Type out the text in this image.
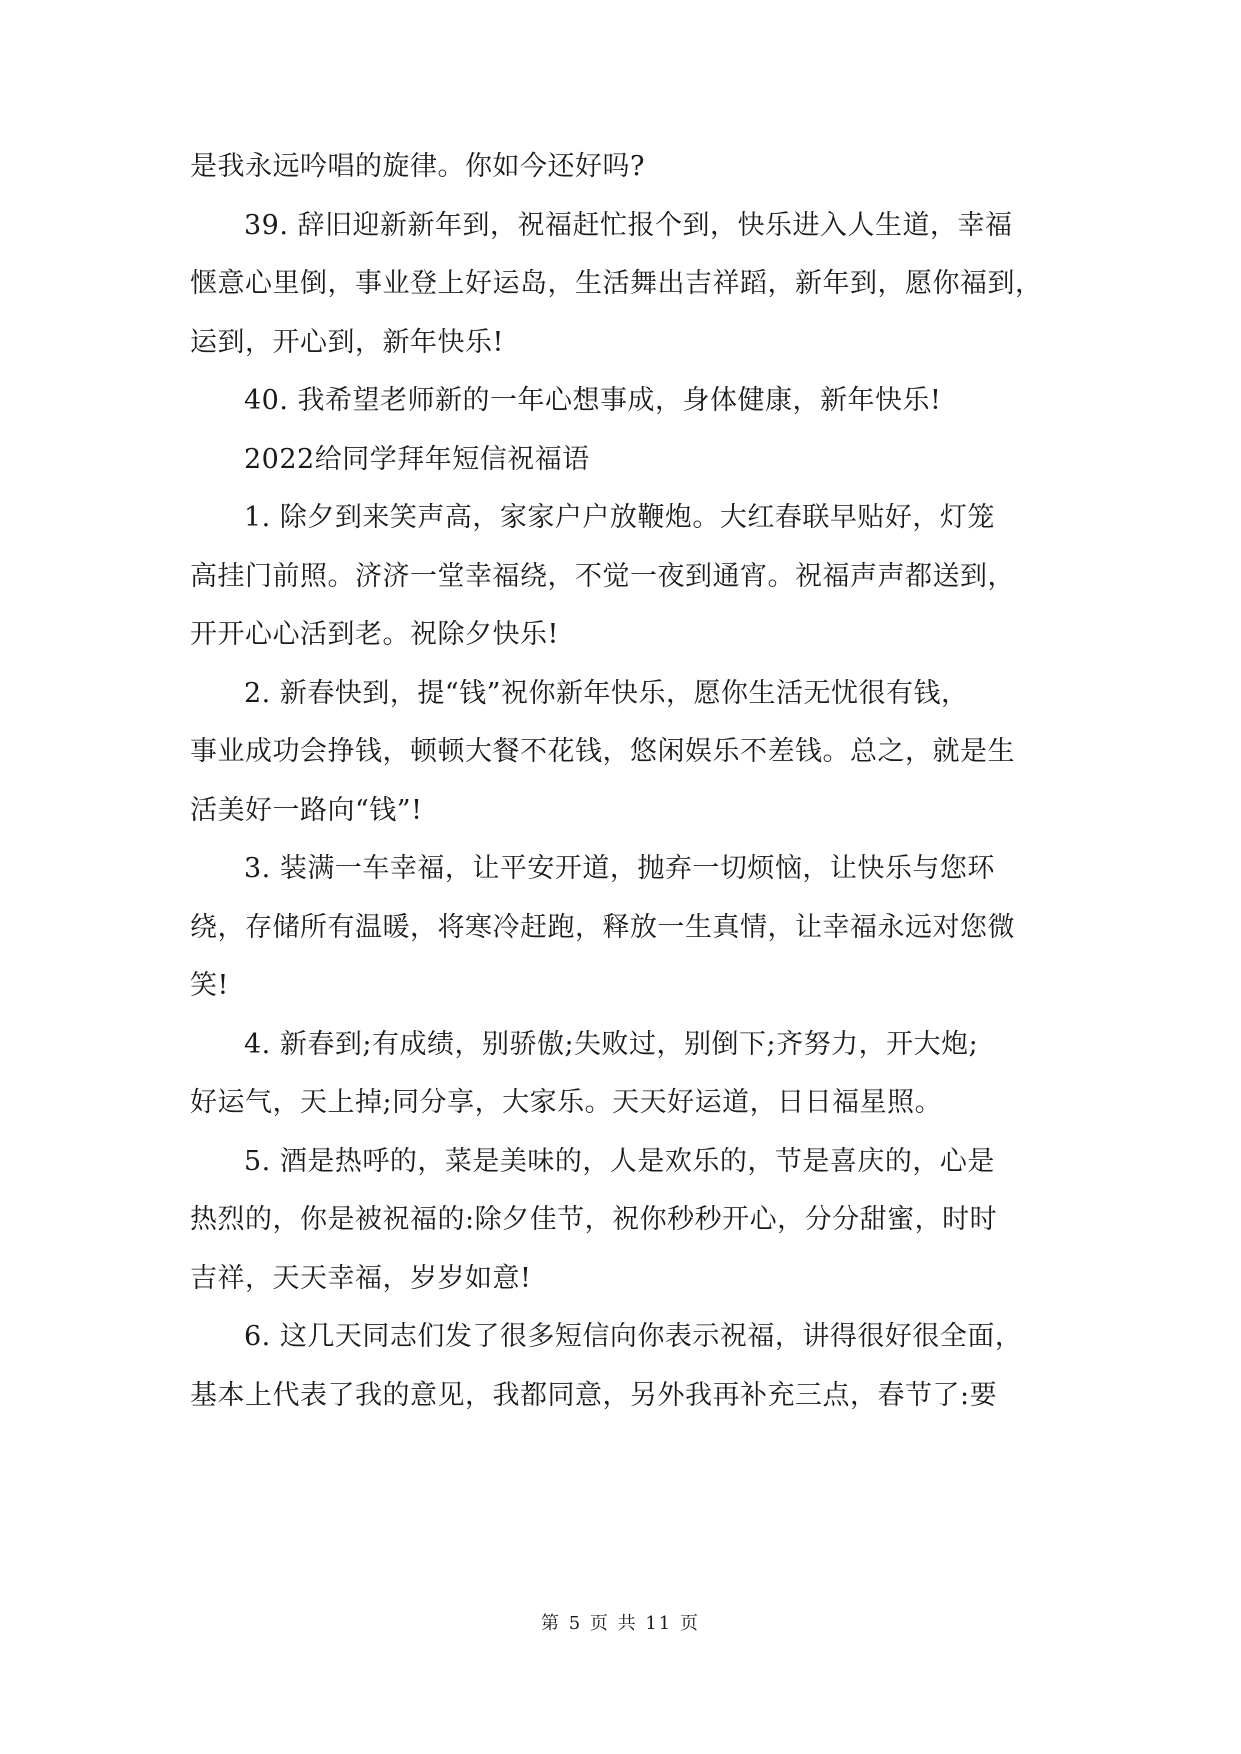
是我永远吟唱的旋律。你如今还好吗?
39. 辞旧迎新新年到，祝福赶忙报个到，快乐进入人生道，幸福
惬意心里倒，事业登上好运岛，生活舞出吉祥蹈，新年到，愿你福到，
运到，开心到，新年快乐!
40. 我希望老师新的一年心想事成，身体健康，新年快乐!
2022给同学拜年短信祝福语
1. 除夕到来笑声高，家家户户放鞭炮。大红春联早贴好，灯笼
高挂门前照。济济一堂幸福绕，不觉一夜到通宵。祝福声声都送到，
开开心心活到老。祝除夕快乐!
2. 新春快到，提“钱”祝你新年快乐，愿你生活无忧很有钱，
事业成功会挣钱，顿顿大餐不花钱，悠闲娱乐不差钱。总之，就是生
活美好一路向“钱”!
3. 装满一车幸福，让平安开道，抛弃一切烦恼，让快乐与您环
绕，存储所有温暖，将寒冷赶跑，释放一生真情，让幸福永远对您微
笑!
4. 新春到;有成绩，别骄傲;失败过，别倒下;齐努力，开大炮;
好运气，天上掉;同分享，大家乐。天天好运道，日日福星照。
5. 酒是热呼的，菜是美味的，人是欢乐的，节是喜庆的，心是
热烈的，你是被祝福的:除夕佳节，祝你秒秒开心，分分甜蜜，时时
吉祥，天天幸福，岁岁如意!
6. 这几天同志们发了很多短信向你表示祝福，讲得很好很全面，
基本上代表了我的意见，我都同意，另外我再补充三点，春节了:要
第 5 页 共 11 页
